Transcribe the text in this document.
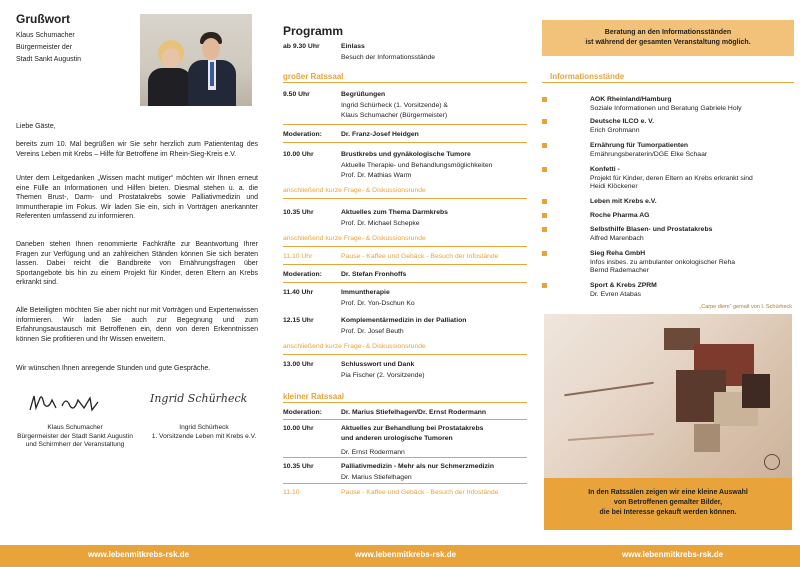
Grußwort
Klaus Schumacher
Bürgermeister der
Stadt Sankt Augustin
Liebe Gäste,

bereits zum 10. Mal begrüßen wir Sie sehr herzlich zum Patiententag des Vereins Leben mit Krebs – Hilfe für Betroffene im Rhein-Sieg-Kreis e.V.

Unter dem Leitgedanken „Wissen macht mutiger“ möchten wir Ihnen erneut eine Fülle an Informationen und Hilfen bieten. Diesmal stehen u. a. die Themen Brust-, Darm- und Prostatakrebs sowie Palliativmedizin und Immuntherapie im Fokus. Wir laden Sie ein, sich in Vorträgen anerkannter Referenten umfassend zu informieren.

Daneben stehen Ihnen renommierte Fachkräfte zur Beantwortung Ihrer Fragen zur Verfügung und an zahlreichen Ständen können Sie sich beraten lassen. Dabei reicht die Bandbreite von Ernährungsfragen über Sportangebote bis hin zu einem Projekt für Kinder, deren Eltern an Krebs erkrankt sind.

Alle Beteiligten möchten Sie aber nicht nur mit Vorträgen und Expertenwissen informieren. Wir laden Sie auch zur Begegnung und zum Erfahrungsaustausch mit Betroffenen ein, denn von deren Erkenntnissen können Sie profitieren und Ihr Wissen erweitern.

Wir wünschen Ihnen anregende Stunden und gute Gespräche.

Ingrid Schürheck
Klaus Schumacher
Bürgermeister der Stadt Sankt Augustin
und Schirmherr der Veranstaltung
Ingrid Schürheck
1. Vorsitzende Leben mit Krebs e.V.
Programm
ab 9.30 Uhr	Einlass
Besuch der Informationsstände
großer Ratssaal
9.50 Uhr	Begrüßungen
Ingrid Schürheck (1. Vorsitzende) &
Klaus Schumacher (Bürgermeister)
Moderation:	Dr. Franz-Josef Heidgen
10.00 Uhr	Brustkrebs und gynäkologische Tumore
Aktuelle Therapie- und Behandlungsmöglichkeiten
Prof. Dr. Mathias Warm
anschließend kurze Frage- & Diskussionsrunde
10.35 Uhr	Aktuelles zum Thema Darmkrebs
Prof. Dr. Michael Schepke
anschließend kurze Frage- & Diskussionsrunde
11.10 Uhr	Pause - Kaffee und Gebäck - Besuch der Infostände
Moderation:	Dr. Stefan Fronhoffs
11.40 Uhr	Immuntherapie
Prof. Dr. Yon-Dschun Ko
12.15 Uhr	Komplementärmedizin in der Palliation
Prof. Dr. Josef Beuth
anschließend kurze Frage- & Diskussionsrunde
13.00 Uhr	Schlusswort und Dank
Pia Fischer (2. Vorsitzende)
kleiner Ratssaal
Moderation:	Dr. Marius Stiefelhagen/Dr. Ernst Rodermann
10.00 Uhr	Aktuelles zur Behandlung bei Prostatakrebs
und anderen urologische Tumoren
Dr. Ernst Rodermann
10.35 Uhr	Palliativmedizin - Mehr als nur Schmerzmedizin
Dr. Marius Stiefelhagen
11.10	Pause - Kaffee und Gebäck - Besuch der Infostände
Beratung an den Informationsständen
ist während der gesamten Veranstaltung möglich.
Informationsstände
AOK Rheinland/Hamburg
Soziale Informationen und Beratung Gabriele Holy
Deutsche ILCO e. V.
Erich Grohmann
Ernährung für Tumorpatienten
Ernährungsberaterin/DGE Elke Schaar
Konfetti -
Projekt für Kinder, deren Eltern an Krebs erkrankt sind
Heidi Klöckener
Leben mit Krebs e.V.
Roche Pharma AG
Selbsthilfe Blasen- und Prostatakrebs
Alfred Marenbach
Sieg Reha GmbH
Infos insbes. zu ambulanter onkologischer Reha
Bernd Rademacher
Sport & Krebs ZPRM
Dr. Evren Atabas
„Carpe diem“ gemalt von I. Schürheck
In den Ratssälen zeigen wir eine kleine Auswahl
von Betroffenen gemalter Bilder,
die bei Interesse gekauft werden können.
www.lebenmitkrebs-rsk.de	www.lebenmitkrebs-rsk.de	www.lebenmitkrebs-rsk.de
